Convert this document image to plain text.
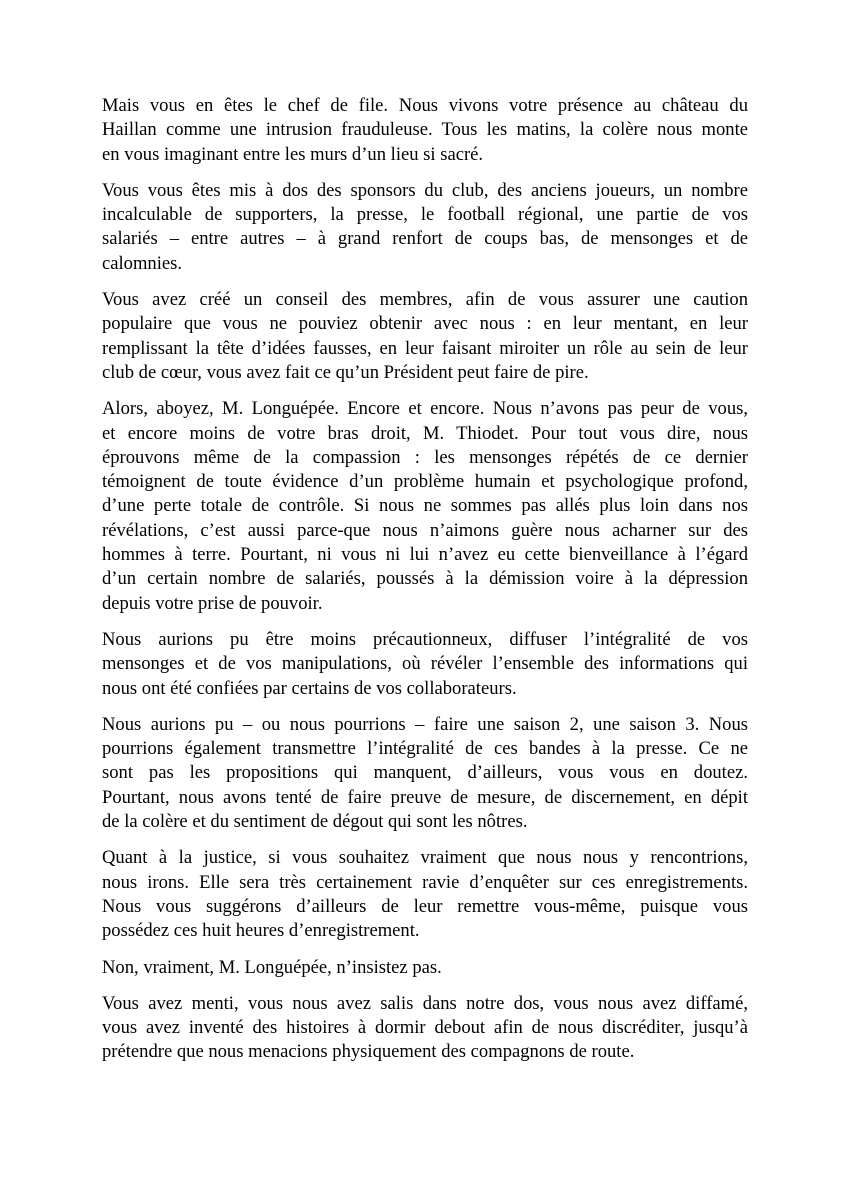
Mais vous en êtes le chef de file. Nous vivons votre présence au château du
Haillan comme une intrusion frauduleuse. Tous les matins, la colère nous monte
en vous imaginant entre les murs d’un lieu si sacré.
Vous vous êtes mis à dos des sponsors du club, des anciens joueurs, un nombre
incalculable de supporters, la presse, le football régional, une partie de vos
salariés – entre autres – à grand renfort de coups bas, de mensonges et de
calomnies.
Vous avez créé un conseil des membres, afin de vous assurer une caution
populaire que vous ne pouviez obtenir avec nous : en leur mentant, en leur
remplissant la tête d’idées fausses, en leur faisant miroiter un rôle au sein de leur
club de cœur, vous avez fait ce qu’un Président peut faire de pire.
Alors, aboyez, M. Longuépée. Encore et encore. Nous n’avons pas peur de vous,
et encore moins de votre bras droit, M. Thiodet. Pour tout vous dire, nous
éprouvons même de la compassion : les mensonges répétés de ce dernier
témoignent de toute évidence d’un problème humain et psychologique profond,
d’une perte totale de contrôle. Si nous ne sommes pas allés plus loin dans nos
révélations, c’est aussi parce-que nous n’aimons guère nous acharner sur des
hommes à terre. Pourtant, ni vous ni lui n’avez eu cette bienveillance à l’égard
d’un certain nombre de salariés, poussés à la démission voire à la dépression
depuis votre prise de pouvoir.
Nous aurions pu être moins précautionneux, diffuser l’intégralité de vos
mensonges et de vos manipulations, où révéler l’ensemble des informations qui
nous ont été confiées par certains de vos collaborateurs.
Nous aurions pu – ou nous pourrions – faire une saison 2, une saison 3. Nous
pourrions également transmettre l’intégralité de ces bandes à la presse. Ce ne
sont pas les propositions qui manquent, d’ailleurs, vous vous en doutez.
Pourtant, nous avons tenté de faire preuve de mesure, de discernement, en dépit
de la colère et du sentiment de dégout qui sont les nôtres.
Quant à la justice, si vous souhaitez vraiment que nous nous y rencontrions,
nous irons. Elle sera très certainement ravie d’enquêter sur ces enregistrements.
Nous vous suggérons d’ailleurs de leur remettre vous-même, puisque vous
possédez ces huit heures d’enregistrement.
Non, vraiment, M. Longuépée, n’insistez pas.
Vous avez menti, vous nous avez salis dans notre dos, vous nous avez diffamé,
vous avez inventé des histoires à dormir debout afin de nous discréditer, jusqu’à
prétendre que nous menacions physiquement des compagnons de route.
